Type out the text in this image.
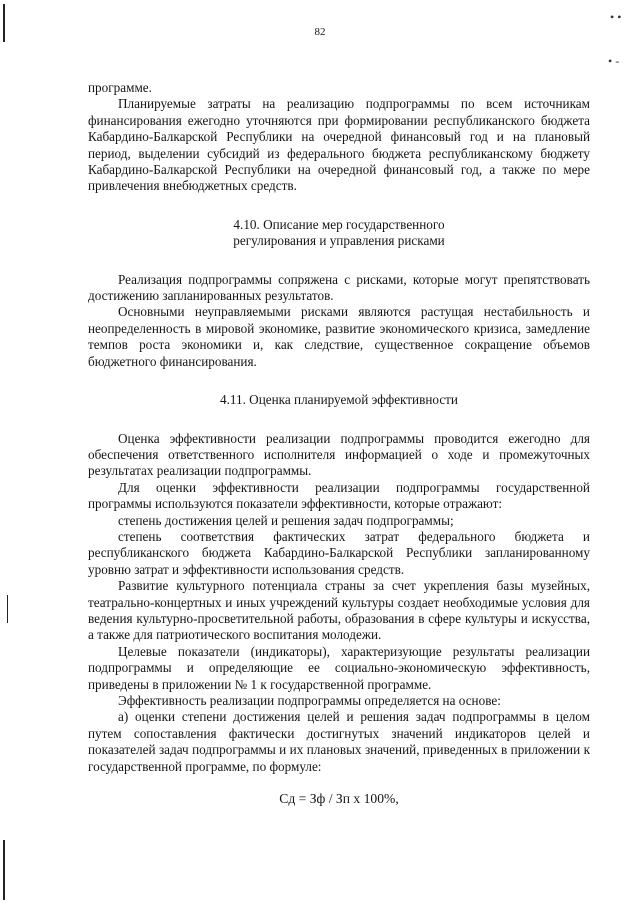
• •
• ‑
82

программе.

Планируемые затраты на реализацию подпрограммы по всем источникам финансирования ежегодно уточняются при формировании республиканского бюджета Кабардино-Балкарской Республики на очередной финансовый год и на плановый период, выделении субсидий из федерального бюджета республиканскому бюджету Кабардино-Балкарской Республики на очередной финансовый год, а также по мере привлечения внебюджетных средств.

4.10. Описание мер государственного
регулирования и управления рисками

Реализация подпрограммы сопряжена с рисками, которые могут препятствовать достижению запланированных результатов.

Основными неуправляемыми рисками являются растущая нестабильность и неопределенность в мировой экономике, развитие экономического кризиса, замедление темпов роста экономики и, как следствие, существенное сокращение объемов бюджетного финансирования.

4.11. Оценка планируемой эффективности

Оценка эффективности реализации подпрограммы проводится ежегодно для обеспечения ответственного исполнителя информацией о ходе и промежуточных результатах реализации подпрограммы.

Для оценки эффективности реализации подпрограммы государственной программы используются показатели эффективности, которые отражают:

степень достижения целей и решения задач подпрограммы;

степень соответствия фактических затрат федерального бюджета и республиканского бюджета Кабардино-Балкарской Республики запланированному уровню затрат и эффективности использования средств.

Развитие культурного потенциала страны за счет укрепления базы музейных, театрально-концертных и иных учреждений культуры создает необходимые условия для ведения культурно-просветительной работы, образования в сфере культуры и искусства, а также для патриотического воспитания молодежи.

Целевые показатели (индикаторы), характеризующие результаты реализации подпрограммы и определяющие ее социально-экономическую эффективность, приведены в приложении № 1 к государственной программе.

Эффективность реализации подпрограммы определяется на основе:

а) оценки степени достижения целей и решения задач подпрограммы в целом путем сопоставления фактически достигнутых значений индикаторов целей и показателей задач подпрограммы и их плановых значений, приведенных в приложении к государственной программе, по формуле:

Сд = Зф / Зп x 100%,
